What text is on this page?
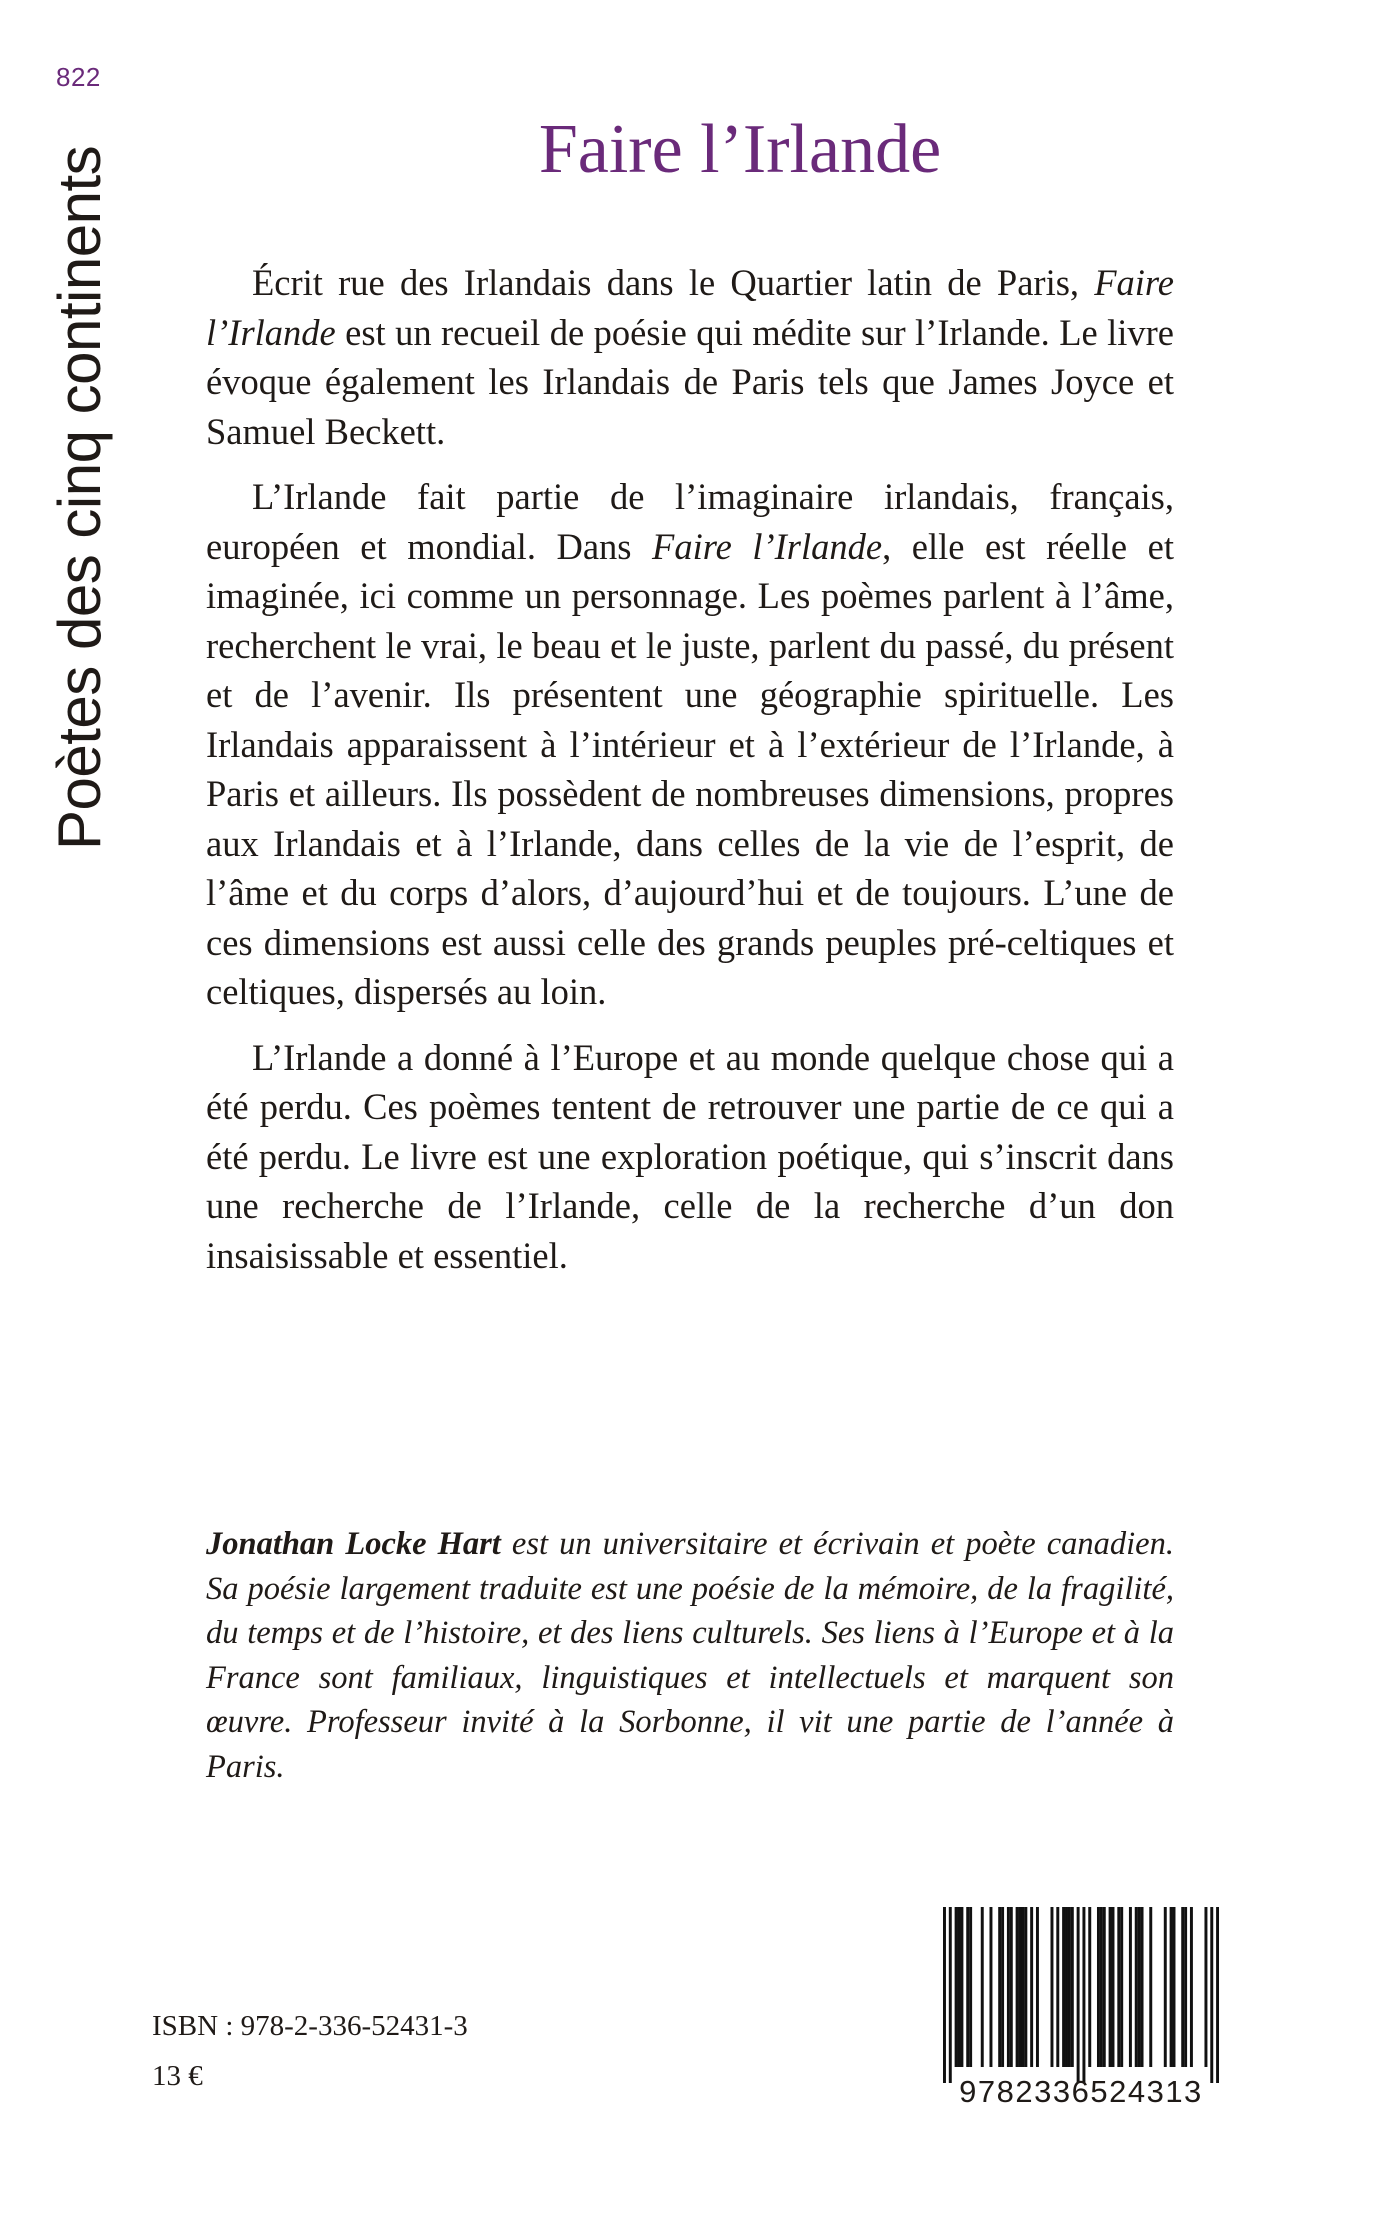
822
Poètes des cinq continents	Faire l’Irlande

Écrit rue des Irlandais dans le Quartier latin de Paris, Faire l’Irlande est un recueil de poésie qui médite sur l’Irlande. Le livre évoque également les Irlandais de Paris tels que James Joyce et Samuel Beckett.

L’Irlande fait partie de l’imaginaire irlandais, français, européen et mondial. Dans Faire l’Irlande, elle est réelle et imaginée, ici comme un personnage. Les poèmes parlent à l’âme, recherchent le vrai, le beau et le juste, parlent du passé, du présent et de l’avenir. Ils présentent une géographie spirituelle. Les Irlandais apparaissent à l’intérieur et à l’extérieur de l’Irlande, à Paris et ailleurs. Ils possèdent de nombreuses dimensions, propres aux Irlandais et à l’Irlande, dans celles de la vie de l’esprit, de l’âme et du corps d’alors, d’aujourd’hui et de toujours. L’une de ces dimensions est aussi celle des grands peuples pré-celtiques et celtiques, dispersés au loin.

L’Irlande a donné à l’Europe et au monde quelque chose qui a été perdu. Ces poèmes tentent de retrouver une partie de ce qui a été perdu. Le livre est une exploration poétique, qui s’inscrit dans une recherche de l’Irlande, celle de la recherche d’un don insaisissable et essentiel.

Jonathan Locke Hart est un universitaire et écrivain et poète canadien. Sa poésie largement traduite est une poésie de la mémoire, de la fragilité, du temps et de l’histoire, et des liens culturels. Ses liens à l’Europe et à la France sont familiaux, linguistiques et intellectuels et marquent son œuvre. Professeur invité à la Sorbonne, il vit une partie de l’année à Paris.
ISBN : 978-2-336-52431-3
13 €	9782336524313
